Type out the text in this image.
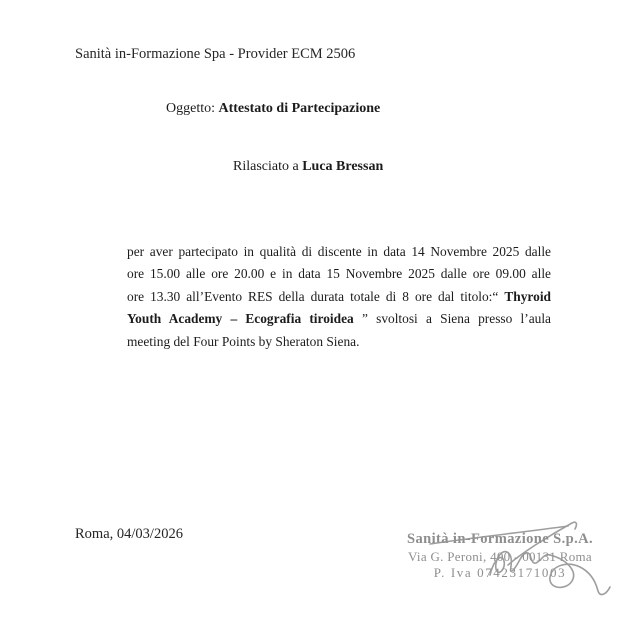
Sanità in-Formazione Spa - Provider ECM 2506
Oggetto: Attestato di Partecipazione
Rilasciato a Luca Bressan
per aver partecipato in qualità di discente in data 14 Novembre 2025 dalle
ore 15.00 alle ore 20.00 e in data 15 Novembre 2025 dalle ore 09.00 alle
ore 13.30 all’Evento RES della durata totale di 8 ore dal titolo:“ Thyroid
Youth Academy – Ecografia tiroidea ” svoltosi a Siena presso l’aula
meeting del Four Points by Sheraton Siena.
Roma, 04/03/2026	Sanità in-Formazione S.p.A.
Via G. Peroni, 400 - 00131 Roma
P. Iva 07423171003
